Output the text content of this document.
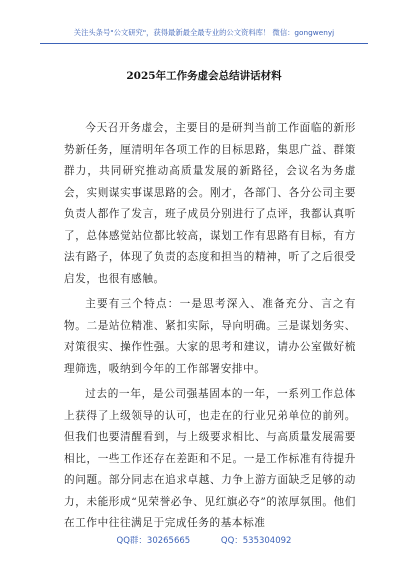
关注头条号"公文研究"，获得最新最全最专业的公文资料库！ 微信：gongwenyj
2025年工作务虚会总结讲话材料

今天召开务虚会，主要目的是研判当前工作面临的新形势新任务，厘清明年各项工作的目标思路，集思广益、群策群力，共同研究推动高质量发展的新路径，会议名为务虚会，实则谋实事谋思路的会。刚才，各部门、各分公司主要负责人都作了发言，班子成员分别进行了点评，我都认真听了，总体感觉站位都比较高，谋划工作有思路有目标，有方法有路子，体现了负责的态度和担当的精神，听了之后很受启发，也很有感触。

主要有三个特点：一是思考深入、准备充分、言之有物。二是站位精准、紧扣实际，导向明确。三是谋划务实、对策很实、操作性强。大家的思考和建议，请办公室做好梳理筛选，吸纳到今年的工作部署安排中。

过去的一年，是公司强基固本的一年，一系列工作总体上获得了上级领导的认可，也走在的行业兄弟单位的前列。但我们也要清醒看到，与上级要求相比、与高质量发展需要相比，一些工作还存在差距和不足。一是工作标准有待提升的问题。部分同志在追求卓越、力争上游方面缺乏足够的动力，未能形成“见荣誉必争、见红旗必夺”的浓厚氛围。他们在工作中往往满足于完成任务的基本标准

QQ群：30265665	QQ：535304092
